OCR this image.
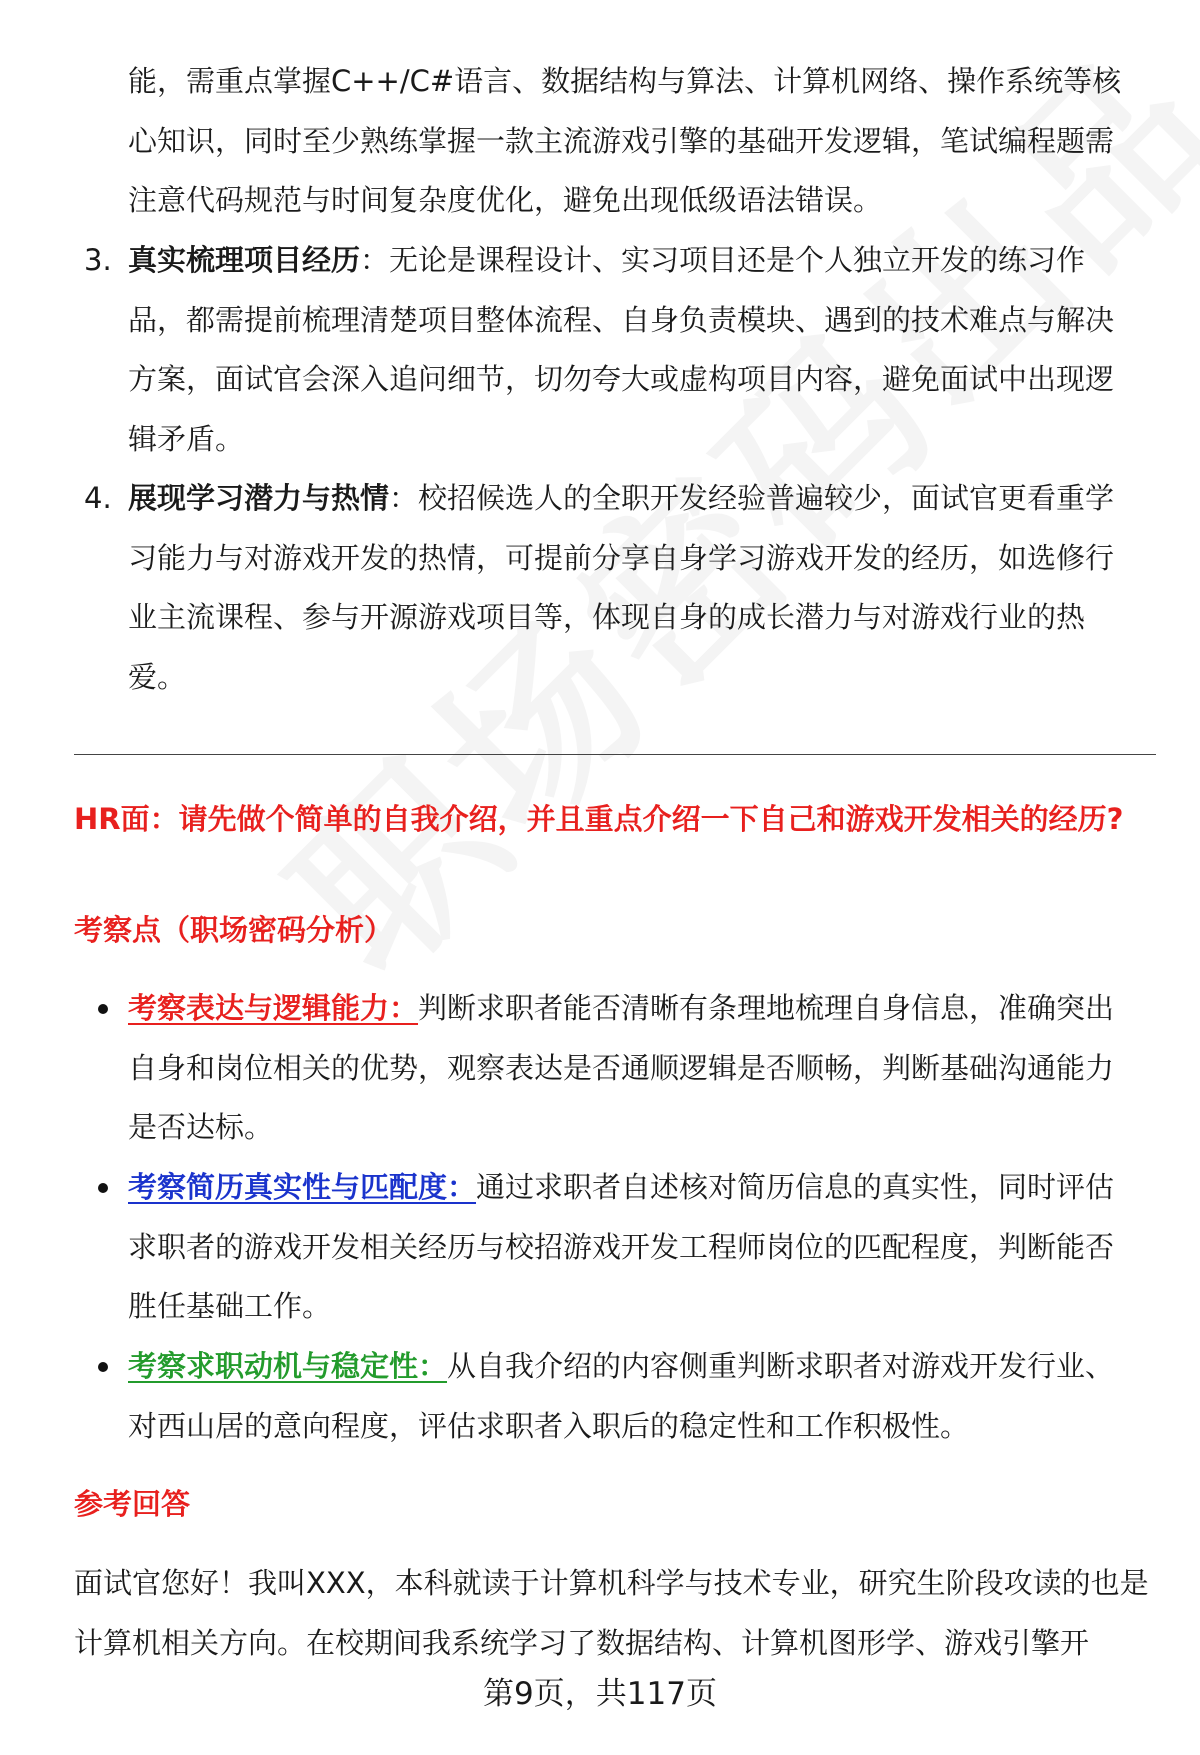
能，需重点掌握C++/C#语言、数据结构与算法、计算机网络、操作系统等核心知识，同时至少熟练掌握一款主流游戏引擎的基础开发逻辑，笔试编程题需注意代码规范与时间复杂度优化，避免出现低级语法错误。

3. 真实梳理项目经历：无论是课程设计、实习项目还是个人独立开发的练习作品，都需提前梳理清楚项目整体流程、自身负责模块、遇到的技术难点与解决方案，面试官会深入追问细节，切勿夸大或虚构项目内容，避免面试中出现逻辑矛盾。

4. 展现学习潜力与热情：校招候选人的全职开发经验普遍较少，面试官更看重学习能力与对游戏开发的热情，可提前分享自身学习游戏开发的经历，如选修行业主流课程、参与开源游戏项目等，体现自身的成长潜力与对游戏行业的热爱。

HR面：请先做个简单的自我介绍，并且重点介绍一下自己和游戏开发相关的经历?

考察点（职场密码分析）

考察表达与逻辑能力：判断求职者能否清晰有条理地梳理自身信息，准确突出自身和岗位相关的优势，观察表达是否通顺逻辑是否顺畅，判断基础沟通能力是否达标。

考察简历真实性与匹配度：通过求职者自述核对简历信息的真实性，同时评估求职者的游戏开发相关经历与校招游戏开发工程师岗位的匹配程度，判断能否胜任基础工作。

考察求职动机与稳定性：从自我介绍的内容侧重判断求职者对游戏开发行业、对西山居的意向程度，评估求职者入职后的稳定性和工作积极性。

参考回答

面试官您好！我叫XXX，本科就读于计算机科学与技术专业，研究生阶段攻读的也是计算机相关方向。在校期间我系统学习了数据结构、计算机图形学、游戏引擎开

第9页，共117页
